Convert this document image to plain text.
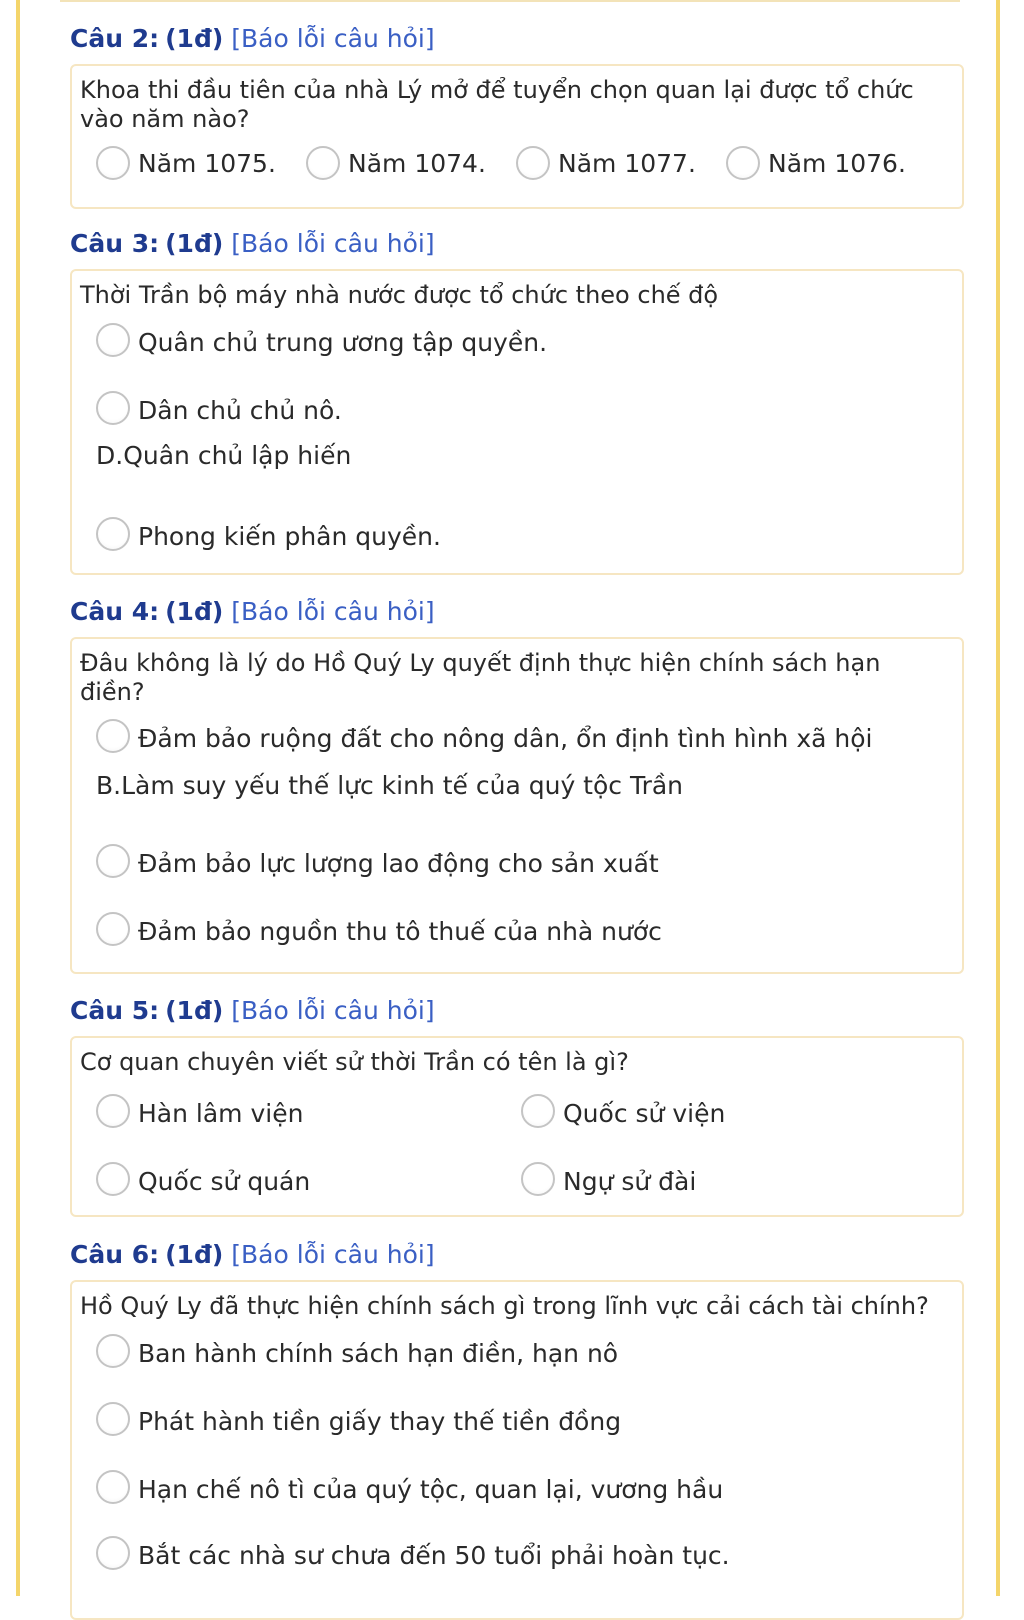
Câu 2: (1đ) [Báo lỗi câu hỏi]
Khoa thi đầu tiên của nhà Lý mở để tuyển chọn quan lại được tổ chức vào năm nào?
Năm 1075.	Năm 1074.	Năm 1077.	Năm 1076.
Câu 3: (1đ) [Báo lỗi câu hỏi]
Thời Trần bộ máy nhà nước được tổ chức theo chế độ
Quân chủ trung ương tập quyền.
Dân chủ chủ nô.
D.Quân chủ lập hiến
Phong kiến phân quyền.
Câu 4: (1đ) [Báo lỗi câu hỏi]
Đâu không là lý do Hồ Quý Ly quyết định thực hiện chính sách hạn điền?
Đảm bảo ruộng đất cho nông dân, ổn định tình hình xã hội
B.Làm suy yếu thế lực kinh tế của quý tộc Trần
Đảm bảo lực lượng lao động cho sản xuất
Đảm bảo nguồn thu tô thuế của nhà nước
Câu 5: (1đ) [Báo lỗi câu hỏi]
Cơ quan chuyên viết sử thời Trần có tên là gì?
Hàn lâm viện	Quốc sử viện
Quốc sử quán	Ngự sử đài
Câu 6: (1đ) [Báo lỗi câu hỏi]
Hồ Quý Ly đã thực hiện chính sách gì trong lĩnh vực cải cách tài chính?
Ban hành chính sách hạn điền, hạn nô
Phát hành tiền giấy thay thế tiền đồng
Hạn chế nô tì của quý tộc, quan lại, vương hầu
Bắt các nhà sư chưa đến 50 tuổi phải hoàn tục.
